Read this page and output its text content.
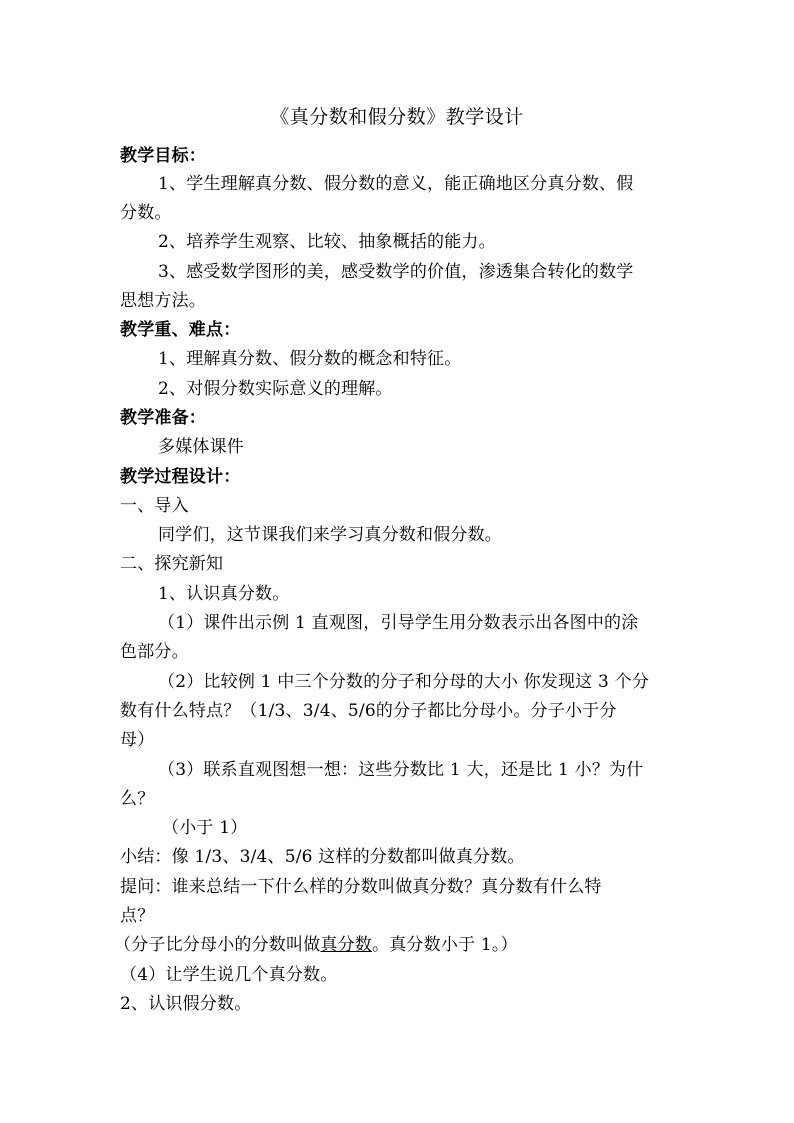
《真分数和假分数》教学设计
教学目标：
1、学生理解真分数、假分数的意义，能正确地区分真分数、假
分数。
2、培养学生观察、比较、抽象概括的能力。
3、感受数学图形的美，感受数学的价值，渗透集合转化的数学
思想方法。
教学重、难点：
1、理解真分数、假分数的概念和特征。
2、对假分数实际意义的理解。
教学准备：
多媒体课件
教学过程设计：
一、导入
同学们，这节课我们来学习真分数和假分数。
二、探究新知
1、认识真分数。
（1）课件出示例 1 直观图，引导学生用分数表示出各图中的涂
色部分。
（2）比较例 1 中三个分数的分子和分母的大小 你发现这 3 个分
数有什么特点？（1/3、3/4、5/6的分子都比分母小。分子小于分
母）
（3）联系直观图想一想：这些分数比 1 大，还是比 1 小？为什
么？
（小于 1）
小结：像 1/3、3/4、5/6 这样的分数都叫做真分数。
提问：谁来总结一下什么样的分数叫做真分数？真分数有什么特
点？
（分子比分母小的分数叫做真分数。真分数小于 1。）
（4）让学生说几个真分数。
2、认识假分数。
